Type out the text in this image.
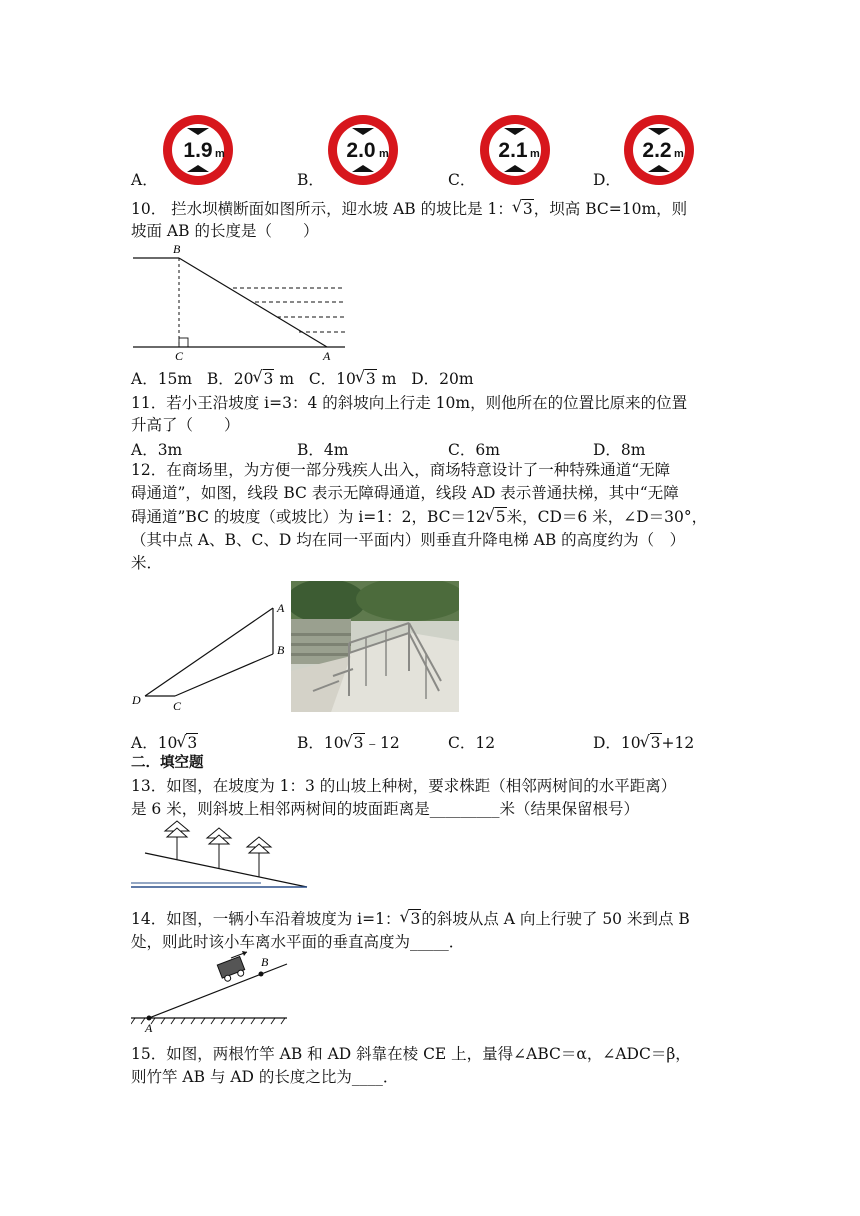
1.9 m	2.0 m	2.1 m	2.2 m
A．	B．	C．	D．
10． 拦水坝横断面如图所示，迎水坡 AB 的坡比是 1： √ 3，坝高 BC=10m，则
坡面 AB 的长度是（　　）
B
C	A
A．15m B．20 √ 3 m C．10 √ 3 m D．20m
11．若小王沿坡度 i=3：4 的斜坡向上行走 10m，则他所在的位置比原来的位置
升高了（　　）
A．3m	B．4m	C．6m	D．8m
12．在商场里，为方便一部分残疾人出入，商场特意设计了一种特殊通道“无障
碍通道”，如图，线段 BC 表示无障碍通道，线段 AD 表示普通扶梯，其中“无障
碍通道”BC 的坡度（或坡比）为 i=1：2，BC＝12 √ 5米，CD＝6 米，∠D＝30°，
（其中点 A、B、C、D 均在同一平面内）则垂直升降电梯 AB 的高度约为（　）
米．
A
B
C
D
A．10 √ 3	B．10 √ 3﹣12	C．12	D．10 √ 3+12
二．填空题
13．如图，在坡度为 1：3 的山坡上种树，要求株距（相邻两树间的水平距离）
是 6 米，则斜坡上相邻两树间的坡面距离是_________米（结果保留根号）
14．如图，一辆小车沿着坡度为 i=1： √ 3的斜坡从点 A 向上行驶了 50 米到点 B
处，则此时该小车离水平面的垂直高度为_____．
A
B
15．如图，两根竹竿 AB 和 AD 斜靠在棱 CE 上，量得∠ABC＝α，∠ADC＝β，
则竹竿 AB 与 AD 的长度之比为____．
